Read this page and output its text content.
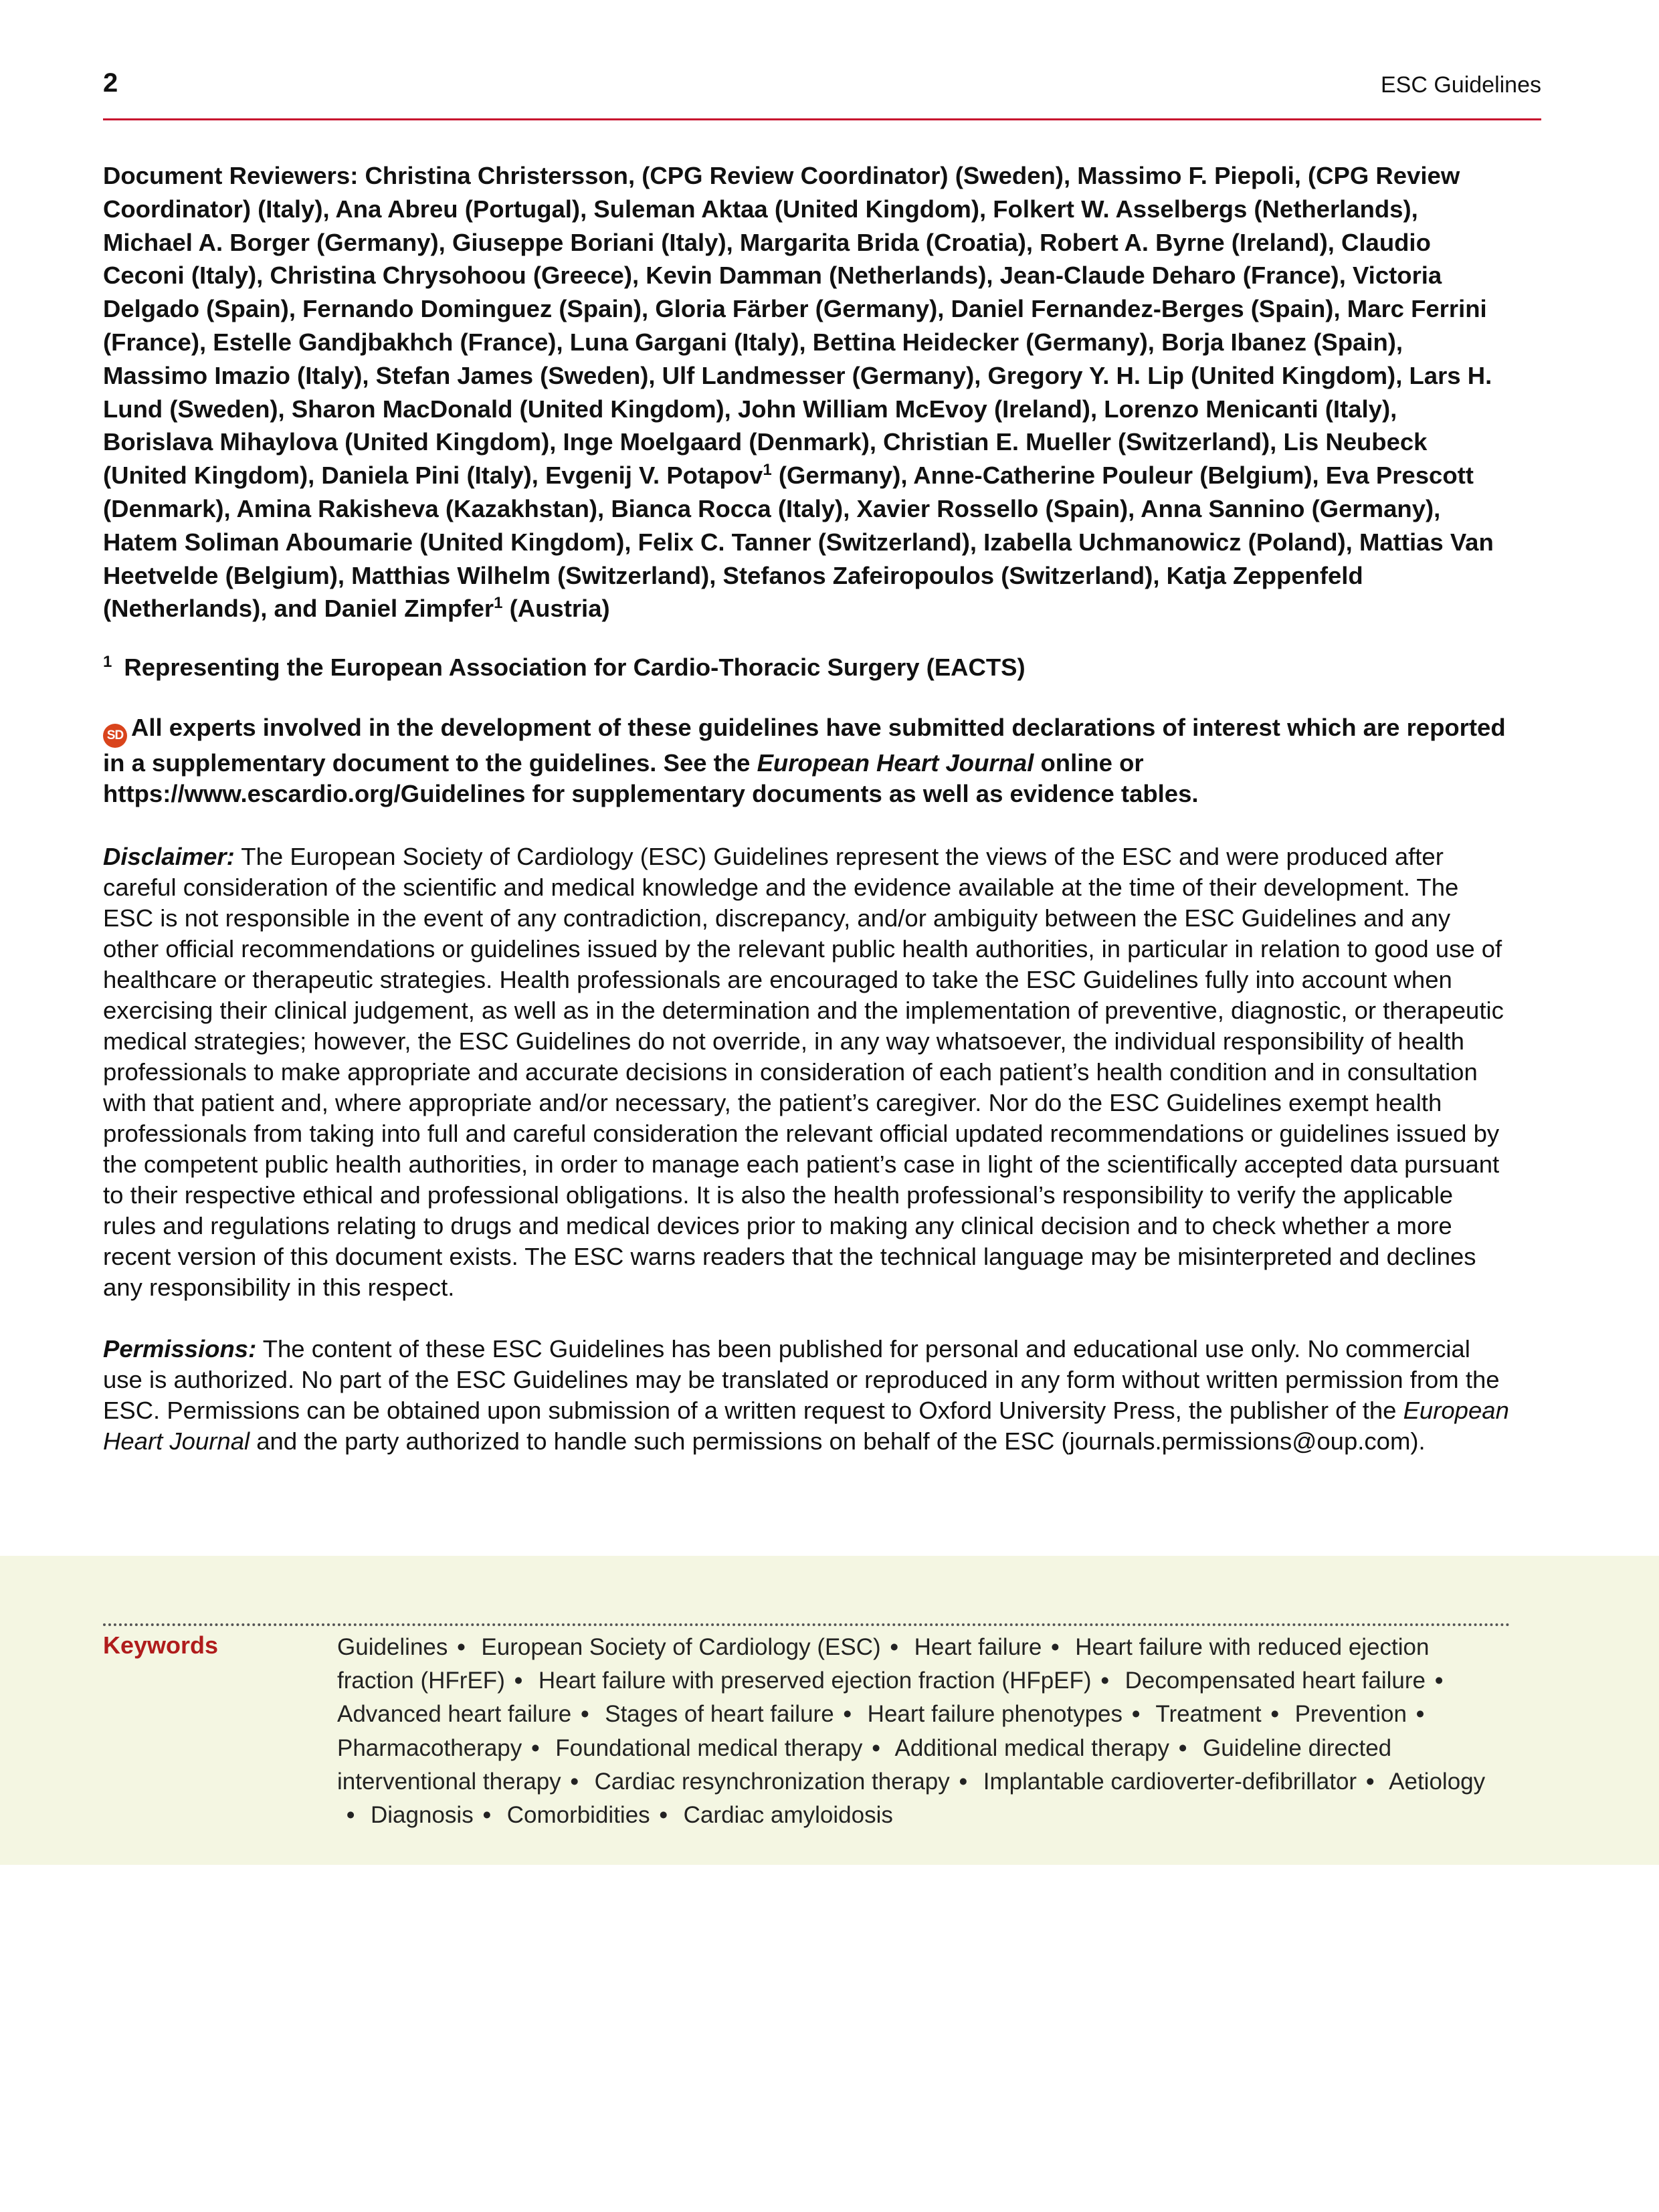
2	ESC Guidelines

Document Reviewers: Christina Christersson, (CPG Review Coordinator) (Sweden), Massimo F. Piepoli, (CPG Review Coordinator) (Italy), Ana Abreu (Portugal), Suleman Aktaa (United Kingdom), Folkert W. Asselbergs (Netherlands), Michael A. Borger (Germany), Giuseppe Boriani (Italy), Margarita Brida (Croatia), Robert A. Byrne (Ireland), Claudio Ceconi (Italy), Christina Chrysohoou (Greece), Kevin Damman (Netherlands), Jean-Claude Deharo (France), Victoria Delgado (Spain), Fernando Dominguez (Spain), Gloria Färber (Germany), Daniel Fernandez-Berges (Spain), Marc Ferrini (France), Estelle Gandjbakhch (France), Luna Gargani (Italy), Bettina Heidecker (Germany), Borja Ibanez (Spain), Massimo Imazio (Italy), Stefan James (Sweden), Ulf Landmesser (Germany), Gregory Y. H. Lip (United Kingdom), Lars H. Lund (Sweden), Sharon MacDonald (United Kingdom), John William McEvoy (Ireland), Lorenzo Menicanti (Italy), Borislava Mihaylova (United Kingdom), Inge Moelgaard (Denmark), Christian E. Mueller (Switzerland), Lis Neubeck (United Kingdom), Daniela Pini (Italy), Evgenij V. Potapov$^1$ (Germany), Anne-Catherine Pouleur (Belgium), Eva Prescott (Denmark), Amina Rakisheva (Kazakhstan), Bianca Rocca (Italy), Xavier Rossello (Spain), Anna Sannino (Germany), Hatem Soliman Aboumarie (United Kingdom), Felix C. Tanner (Switzerland), Izabella Uchmanowicz (Poland), Mattias Van Heetvelde (Belgium), Matthias Wilhelm (Switzerland), Stefanos Zafeiropoulos (Switzerland), Katja Zeppenfeld (Netherlands), and Daniel Zimpfer$^1$ (Austria)

$^1$ Representing the European Association for Cardio-Thoracic Surgery (EACTS)
SD All experts involved in the development of these guidelines have submitted declarations of interest which are reported in a supplementary document to the guidelines. See the European Heart Journal online or https://www.escardio.org/Guidelines for supplementary documents as well as evidence tables.
Disclaimer: The European Society of Cardiology (ESC) Guidelines represent the views of the ESC and were produced after careful consideration of the scientific and medical knowledge and the evidence available at the time of their development. The ESC is not responsible in the event of any contradiction, discrepancy, and/or ambiguity between the ESC Guidelines and any other official recommendations or guidelines issued by the relevant public health authorities, in particular in relation to good use of healthcare or therapeutic strategies. Health professionals are encouraged to take the ESC Guidelines fully into account when exercising their clinical judgement, as well as in the determination and the implementation of preventive, diagnostic, or therapeutic medical strategies; however, the ESC Guidelines do not override, in any way whatsoever, the individual responsibility of health professionals to make appropriate and accurate decisions in consideration of each patient’s health condition and in consultation with that patient and, where appropriate and/or necessary, the patient’s caregiver. Nor do the ESC Guidelines exempt health professionals from taking into full and careful consideration the relevant official updated recommendations or guidelines issued by the competent public health authorities, in order to manage each patient’s case in light of the scientifically accepted data pursuant to their respective ethical and professional obligations. It is also the health professional’s responsibility to verify the applicable rules and regulations relating to drugs and medical devices prior to making any clinical decision and to check whether a more recent version of this document exists. The ESC warns readers that the technical language may be misinterpreted and declines any responsibility in this respect.
Permissions: The content of these ESC Guidelines has been published for personal and educational use only. No commercial use is authorized. No part of the ESC Guidelines may be translated or reproduced in any form without written permission from the ESC. Permissions can be obtained upon submission of a written request to Oxford University Press, the publisher of the European Heart Journal and the party authorized to handle such permissions on behalf of the ESC (journals.permissions@oup.com).
Keywords	Guidelines • European Society of Cardiology (ESC) • Heart failure • Heart failure with reduced ejection fraction (HFrEF) • Heart failure with preserved ejection fraction (HFpEF) • Decompensated heart failure • Advanced heart failure • Stages of heart failure • Heart failure phenotypes • Treatment • Prevention • Pharmacotherapy • Foundational medical therapy • Additional medical therapy • Guideline directed interventional therapy • Cardiac resynchronization therapy • Implantable cardioverter-defibrillator • Aetiology• Diagnosis • Comorbidities • Cardiac amyloidosis
